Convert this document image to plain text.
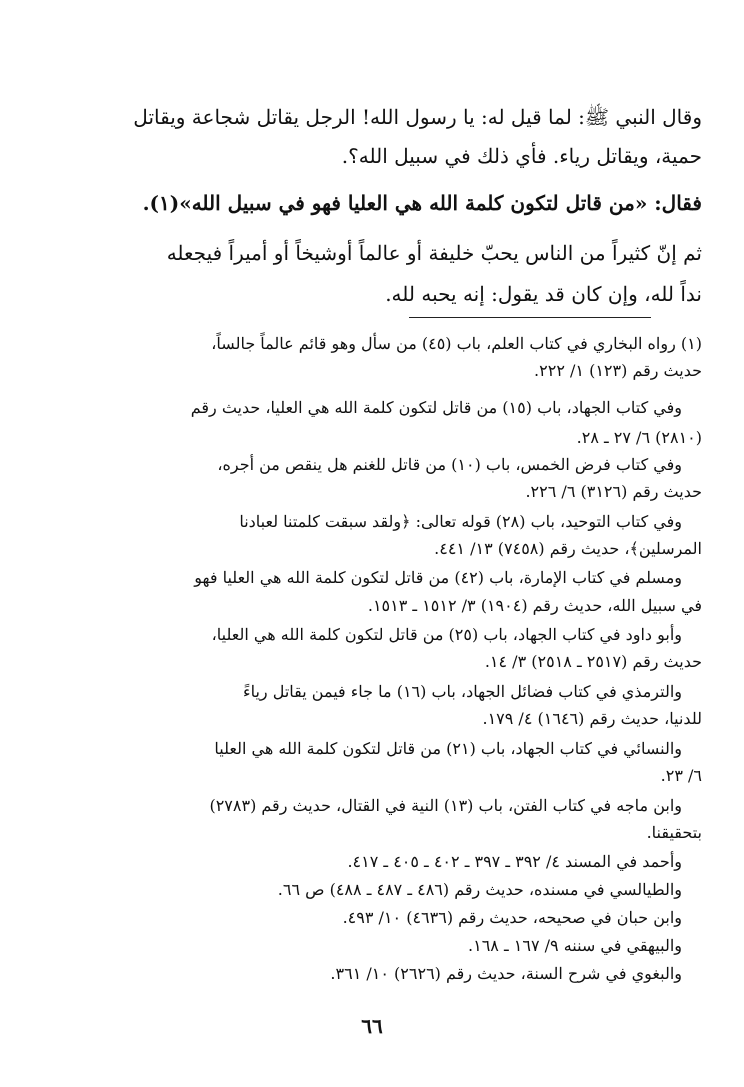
وقال النبي ﷺ: لما قيل له: يا رسول الله! الرجل يقاتل شجاعة ويقاتل
حمية، ويقاتل رياء. فأي ذلك في سبيل الله؟.
فقال: «من قاتل لتكون كلمة الله هي العليا فهو في سبيل الله»(١).
ثم إنّ كثيراً من الناس يحبّ خليفة أو عالماً أوشيخاً أو أميراً فيجعله
نداً لله، وإن كان قد يقول: إنه يحبه لله.
(١) رواه البخاري في كتاب العلم، باب (٤٥) من سأل وهو قائم عالماً جالساً،
حديث رقم (١٢٣) ١/ ٢٢٢.
وفي كتاب الجهاد، باب (١٥) من قاتل لتكون كلمة الله هي العليا، حديث رقم
(٢٨١٠) ٦/ ٢٧ ـ ٢٨.
وفي كتاب فرض الخمس، باب (١٠) من قاتل للغنم هل ينقص من أجره،
حديث رقم (٣١٢٦) ٦/ ٢٢٦.
وفي كتاب التوحيد، باب (٢٨) قوله تعالى: ﴿ولقد سبقت كلمتنا لعبادنا
المرسلين﴾، حديث رقم (٧٤٥٨) ١٣/ ٤٤١.
ومسلم في كتاب الإمارة، باب (٤٢) من قاتل لتكون كلمة الله هي العليا فهو
في سبيل الله، حديث رقم (١٩٠٤) ٣/ ١٥١٢ ـ ١٥١٣.
وأبو داود في كتاب الجهاد، باب (٢٥) من قاتل لتكون كلمة الله هي العليا،
حديث رقم (٢٥١٧ ـ ٢٥١٨) ٣/ ١٤.
والترمذي في كتاب فضائل الجهاد، باب (١٦) ما جاء فيمن يقاتل رياءً
للدنيا، حديث رقم (١٦٤٦) ٤/ ١٧٩.
والنسائي في كتاب الجهاد، باب (٢١) من قاتل لتكون كلمة الله هي العليا
٦/ ٢٣.
وابن ماجه في كتاب الفتن، باب (١٣) النية في القتال، حديث رقم (٢٧٨٣)
بتحقيقنا.
وأحمد في المسند ٤/ ٣٩٢ ـ ٣٩٧ ـ ٤٠٢ ـ ٤٠٥ ـ ٤١٧.
والطيالسي في مسنده، حديث رقم (٤٨٦ ـ ٤٨٧ ـ ٤٨٨) ص ٦٦.
وابن حبان في صحيحه، حديث رقم (٤٦٣٦) ١٠/ ٤٩٣.
والبيهقي في سننه ٩/ ١٦٧ ـ ١٦٨.
والبغوي في شرح السنة، حديث رقم (٢٦٢٦) ١٠/ ٣٦١.
٦٦
